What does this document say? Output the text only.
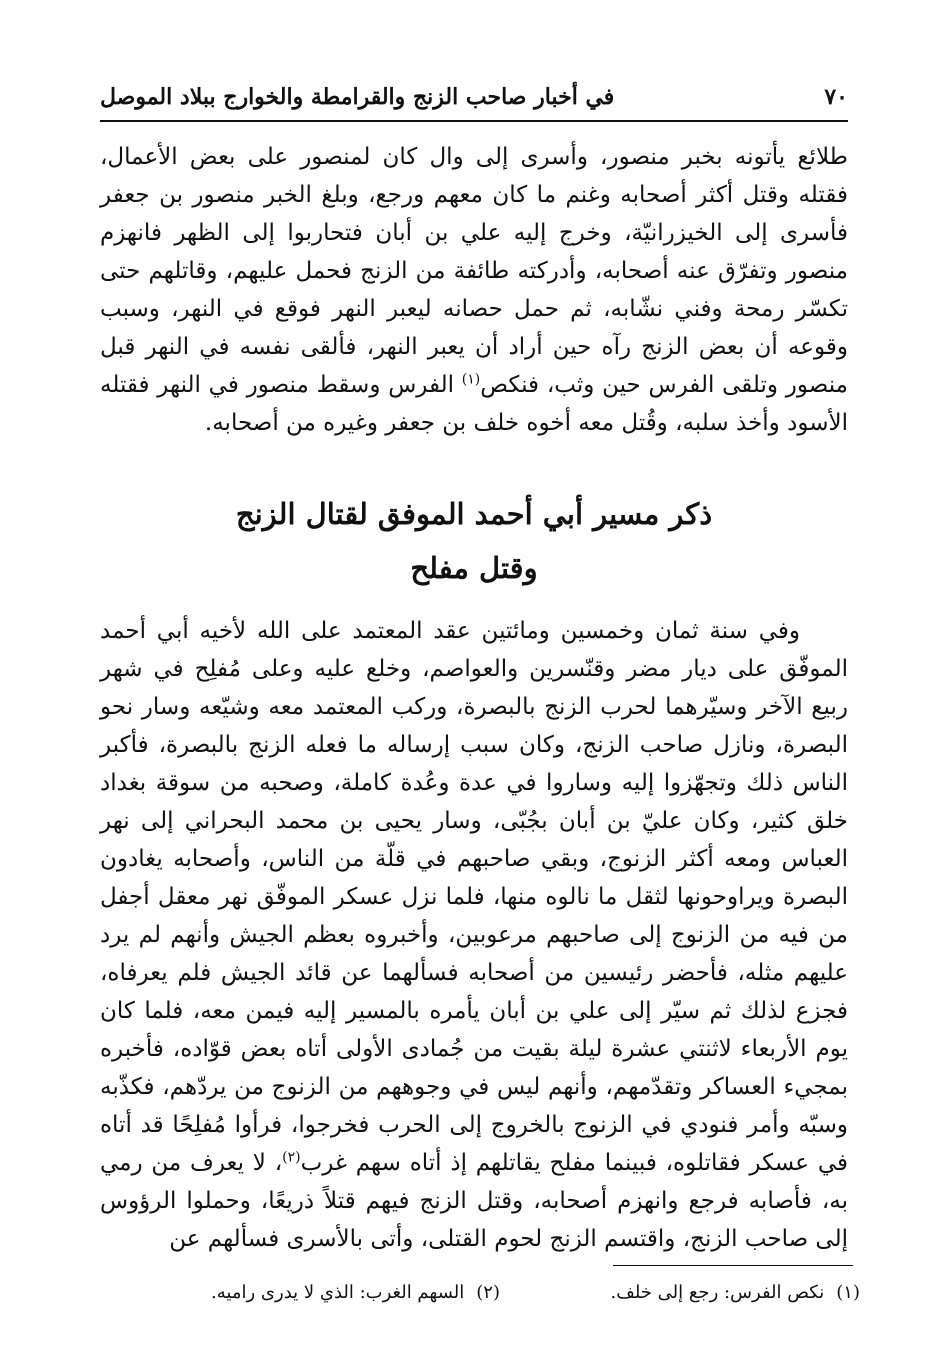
في أخبار صاحب الزنج والقرامطة والخوارج ببلاد الموصل	٧٠

طلائع يأتونه بخبر منصور، وأسرى إلى وال كان لمنصور على بعض الأعمال، فقتله وقتل أكثر أصحابه وغنم ما كان معهم ورجع، وبلغ الخبر منصور بن جعفر فأسرى إلى الخيزرانيّة، وخرج إليه علي بن أبان فتحاربوا إلى الظهر فانهزم منصور وتفرّق عنه أصحابه، وأدركته طائفة من الزنج فحمل عليهم، وقاتلهم حتى تكسّر رمحة وفني نشّابه، ثم حمل حصانه ليعبر النهر فوقع في النهر، وسبب وقوعه أن بعض الزنج رآه حين أراد أن يعبر النهر، فألقى نفسه في النهر قبل منصور وتلقى الفرس حين وثب، فنكص$^{(١)}$ الفرس وسقط منصور في النهر فقتله الأسود وأخذ سلبه، وقُتل معه أخوه خلف بن جعفر وغيره من أصحابه.

ذكر مسير أبي أحمد الموفق لقتال الزنج
وقتل مفلح

وفي سنة ثمان وخمسين ومائتين عقد المعتمد على الله لأخيه أبي أحمد الموفّق على ديار مضر وقنّسرين والعواصم، وخلع عليه وعلى مُفلِح في شهر ربيع الآخر وسيّرهما لحرب الزنج بالبصرة، وركب المعتمد معه وشيّعه وسار نحو البصرة، ونازل صاحب الزنج، وكان سبب إرساله ما فعله الزنج بالبصرة، فأكبر الناس ذلك وتجهّزوا إليه وساروا في عدة وعُدة كاملة، وصحبه من سوقة بغداد خلق كثير، وكان عليّ بن أبان بجُبّى، وسار يحيى بن محمد البحراني إلى نهر العباس ومعه أكثر الزنوج، وبقي صاحبهم في قلّة من الناس، وأصحابه يغادون البصرة ويراوحونها لثقل ما نالوه منها، فلما نزل عسكر الموفّق نهر معقل أجفل من فيه من الزنوج إلى صاحبهم مرعوبين، وأخبروه بعظم الجيش وأنهم لم يرد عليهم مثله، فأحضر رئيسين من أصحابه فسألهما عن قائد الجيش فلم يعرفاه، فجزع لذلك ثم سيّر إلى علي بن أبان يأمره بالمسير إليه فيمن معه، فلما كان يوم الأربعاء لاثنتي عشرة ليلة بقيت من جُمادى الأولى أتاه بعض قوّاده، فأخبره بمجيء العساكر وتقدّمهم، وأنهم ليس في وجوههم من الزنوج من يردّهم، فكذّبه وسبّه وأمر فنودي في الزنوج بالخروج إلى الحرب فخرجوا، فرأوا مُفلِحًا قد أتاه في عسكر فقاتلوه، فبينما مفلح يقاتلهم إذ أتاه سهم غرب$^{(٢)}$، لا يعرف من رمي به، فأصابه فرجع وانهزم أصحابه، وقتل الزنج فيهم قتلاً ذريعًا، وحملوا الرؤوس إلى صاحب الزنج، واقتسم الزنج لحوم القتلى، وأتى بالأسرى فسألهم عن

(١)نكص الفرس: رجع إلى خلف.
(٢)السهم الغرب: الذي لا يدرى راميه.
